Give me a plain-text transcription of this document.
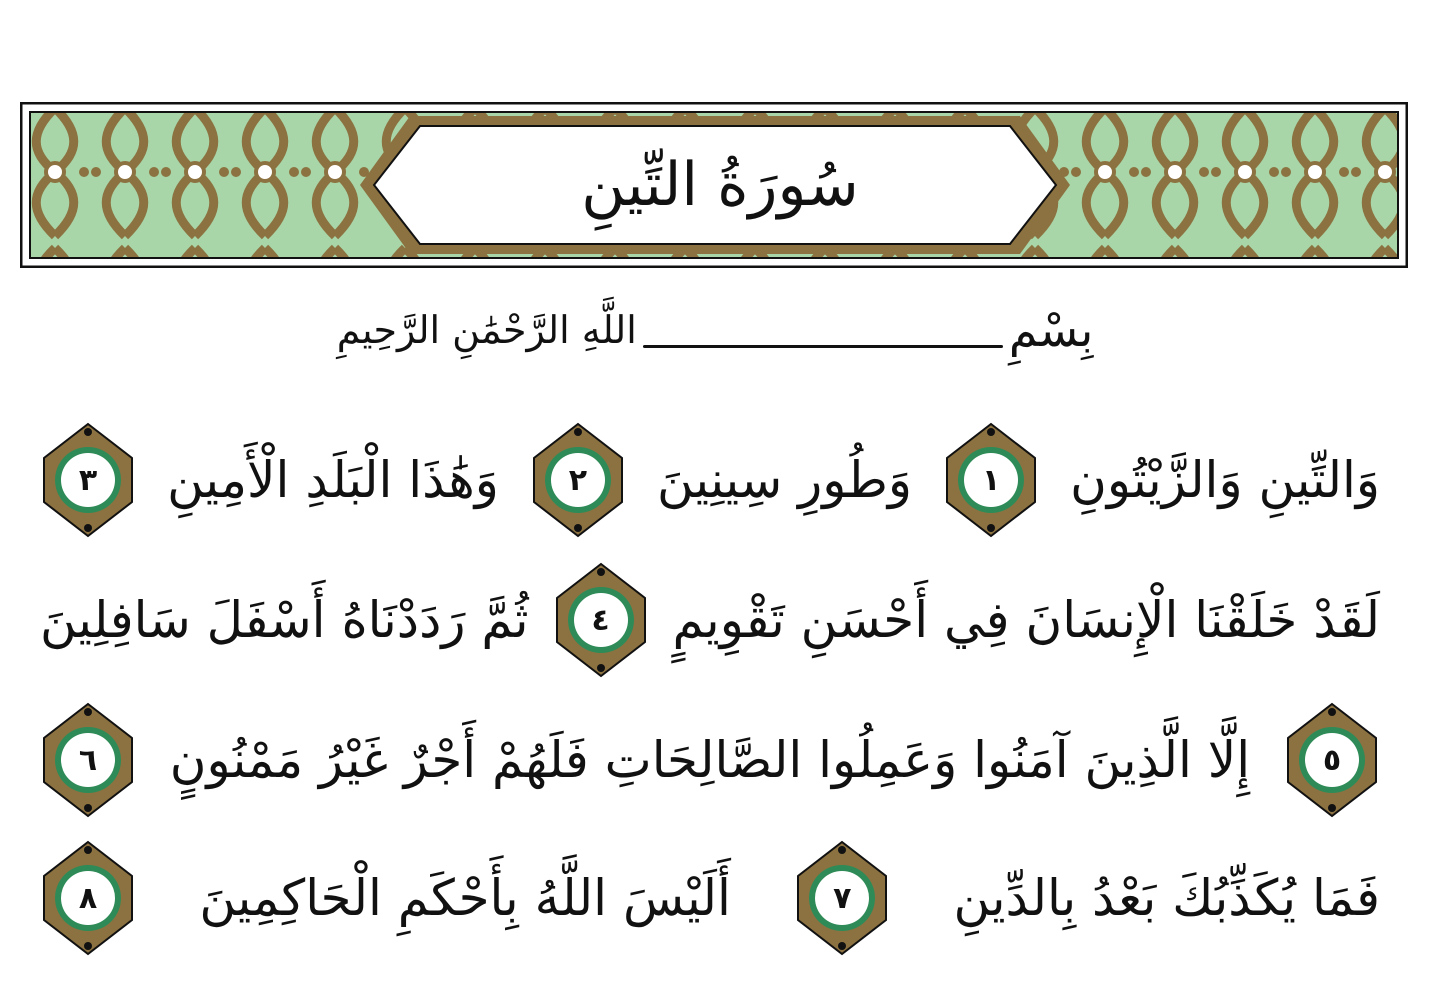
سُورَةُ التِّينِ
بِسْمِ
اللَّهِ الرَّحْمَٰنِ الرَّحِيمِ
وَالتِّينِ وَالزَّيْتُونِ
١
وَطُورِ سِينِينَ
٢
وَهَٰذَا الْبَلَدِ الْأَمِينِ
٣
لَقَدْ خَلَقْنَا الْإِنسَانَ فِي أَحْسَنِ تَقْوِيمٍ
٤
ثُمَّ رَدَدْنَاهُ أَسْفَلَ سَافِلِينَ
٥
إِلَّا الَّذِينَ آمَنُوا وَعَمِلُوا الصَّالِحَاتِ فَلَهُمْ أَجْرٌ غَيْرُ مَمْنُونٍ
٦
فَمَا يُكَذِّبُكَ بَعْدُ بِالدِّينِ
٧
أَلَيْسَ اللَّهُ بِأَحْكَمِ الْحَاكِمِينَ
٨
